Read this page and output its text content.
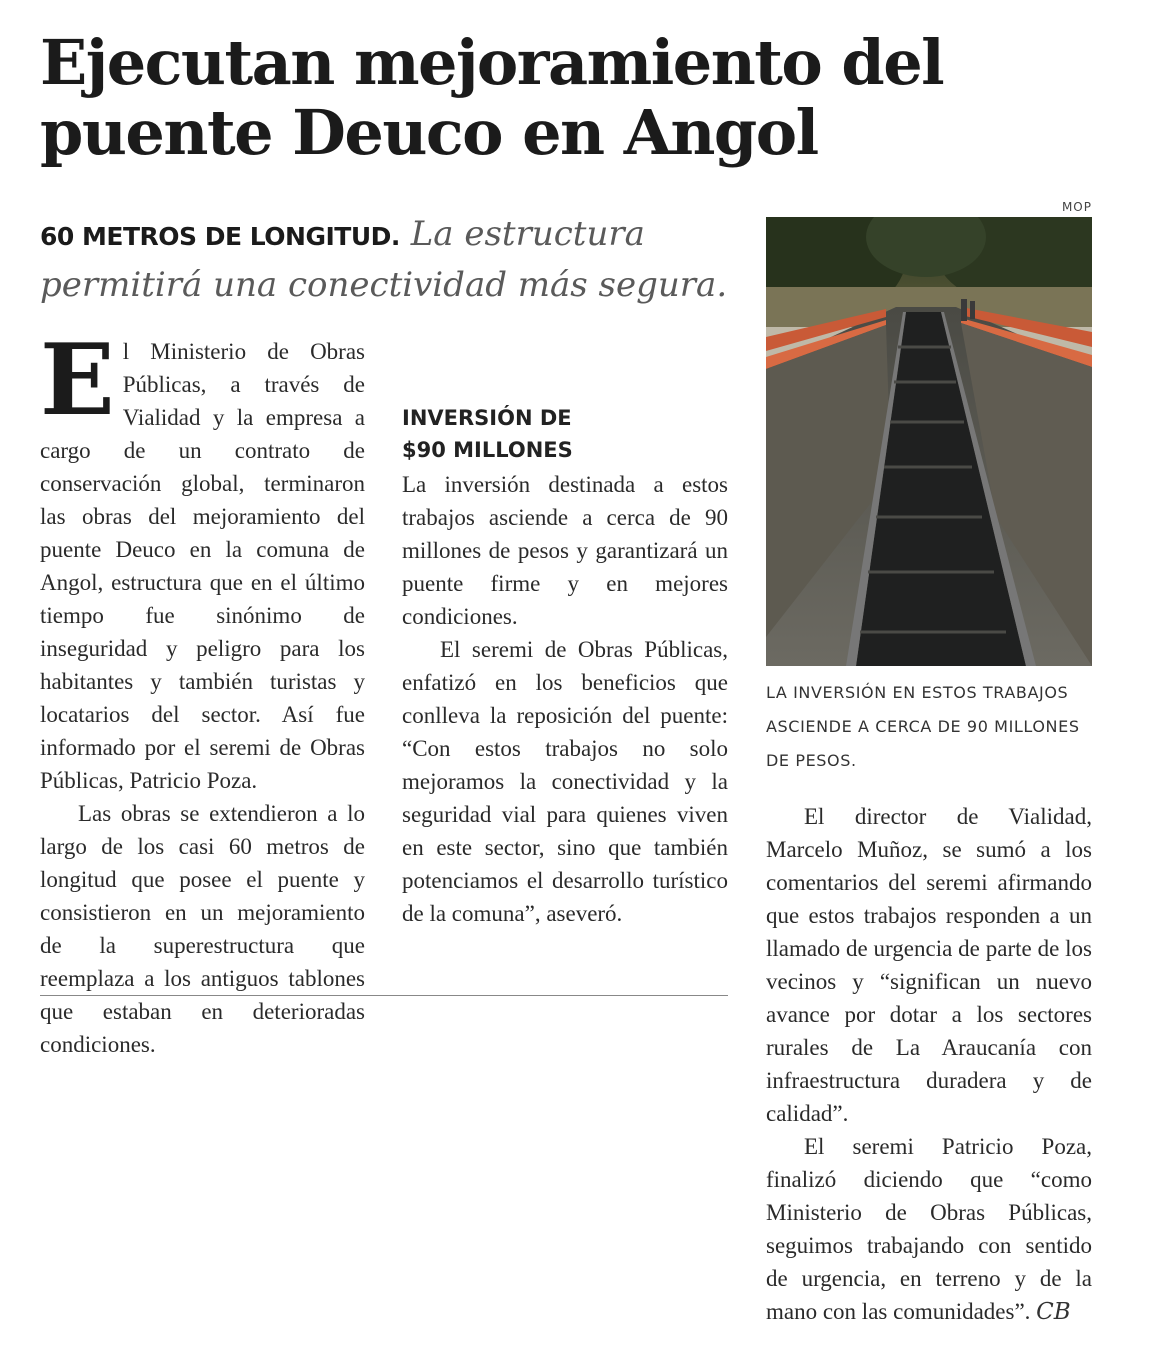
Ejecutan mejoramiento del puente Deuco en Angol
60 METROS DE LONGITUD. La estructura permitirá una conectividad más segura.

El Ministerio de Obras Públicas, a través de Vialidad y la empresa a cargo de un contrato de conservación global, terminaron las obras del mejoramiento del puente Deuco en la comuna de Angol, estructura que en el último tiempo fue sinónimo de inseguridad y peligro para los habitantes y también turistas y locatarios del sector. Así fue informado por el seremi de Obras Públicas, Patricio Poza.

Las obras se extendieron a lo largo de los casi 60 metros de longitud que posee el puente y consistieron en un mejoramiento de la superestructura que reemplaza a los antiguos tablones que estaban en deterioradas condiciones.

INVERSIÓN DE
$90 MILLONES

La inversión destinada a estos trabajos asciende a cerca de 90 millones de pesos y garantizará un puente firme y en mejores condiciones.

El seremi de Obras Públicas, enfatizó en los beneficios que conlleva la reposición del puente: “Con estos trabajos no solo mejoramos la conectividad y la seguridad vial para quienes viven en este sector, sino que también potenciamos el desarrollo turístico de la comuna”, aseveró.

MOP
LA INVERSIÓN EN ESTOS TRABAJOS ASCIENDE A CERCA DE 90 MILLONES DE PESOS.

El director de Vialidad, Marcelo Muñoz, se sumó a los comentarios del seremi afirmando que estos trabajos responden a un llamado de urgencia de parte de los vecinos y “significan un nuevo avance por dotar a los sectores rurales de La Araucanía con infraestructura duradera y de calidad”.

El seremi Patricio Poza, finalizó diciendo que “como Ministerio de Obras Públicas, seguimos trabajando con sentido de urgencia, en terreno y de la mano con las comunidades”. CB
